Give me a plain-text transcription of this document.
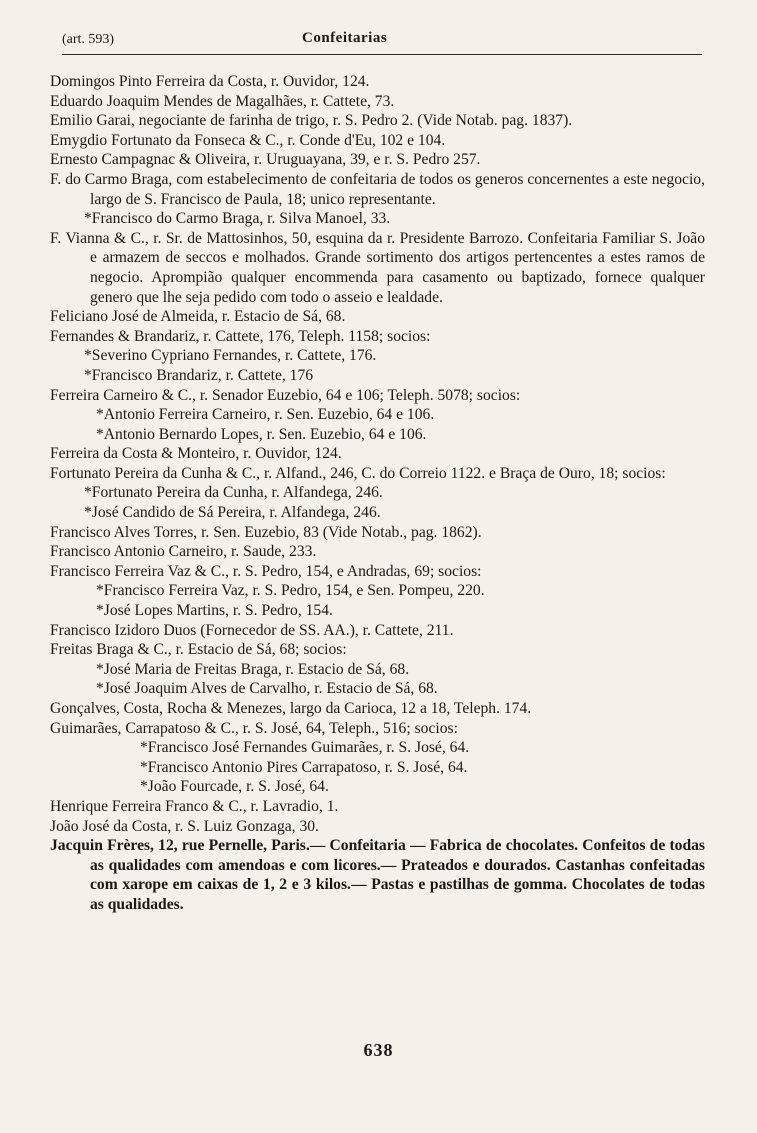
(art. 593)	Confeitarias
Domingos Pinto Ferreira da Costa, r. Ouvidor, 124.
Eduardo Joaquim Mendes de Magalhães, r. Cattete, 73.
Emilio Garai, negociante de farinha de trigo, r. S. Pedro 2. (Vide Notab. pag. 1837).
Emygdio Fortunato da Fonseca & C., r. Conde d'Eu, 102 e 104.
Ernesto Campagnac & Oliveira, r. Uruguayana, 39, e r. S. Pedro 257.
F. do Carmo Braga, com estabelecimento de confeitaria de todos os generos concernentes a este negocio, largo de S. Francisco de Paula, 18; unico representante.
*Francisco do Carmo Braga, r. Silva Manoel, 33.
F. Vianna & C., r. Sr. de Mattosinhos, 50, esquina da r. Presidente Barrozo. Confeitaria Familiar S. João e armazem de seccos e molhados. Grande sortimento dos artigos pertencentes a estes ramos de negocio. Aprompião qualquer encommenda para casamento ou baptizado, fornece qualquer genero que lhe seja pedido com todo o asseio e lealdade.
Feliciano José de Almeida, r. Estacio de Sá, 68.
Fernandes & Brandariz, r. Cattete, 176, Teleph. 1158; socios:
*Severino Cypriano Fernandes, r. Cattete, 176.
*Francisco Brandariz, r. Cattete, 176
Ferreira Carneiro & C., r. Senador Euzebio, 64 e 106; Teleph. 5078; socios:
*Antonio Ferreira Carneiro, r. Sen. Euzebio, 64 e 106.
*Antonio Bernardo Lopes, r. Sen. Euzebio, 64 e 106.
Ferreira da Costa & Monteiro, r. Ouvidor, 124.
Fortunato Pereira da Cunha & C., r. Alfand., 246, C. do Correio 1122. e Braça de Ouro, 18; socios:
*Fortunato Pereira da Cunha, r. Alfandega, 246.
*José Candido de Sá Pereira, r. Alfandega, 246.
Francisco Alves Torres, r. Sen. Euzebio, 83 (Vide Notab., pag. 1862).
Francisco Antonio Carneiro, r. Saude, 233.
Francisco Ferreira Vaz & C., r. S. Pedro, 154, e Andradas, 69; socios:
*Francisco Ferreira Vaz, r. S. Pedro, 154, e Sen. Pompeu, 220.
*José Lopes Martins, r. S. Pedro, 154.
Francisco Izidoro Duos (Fornecedor de SS. AA.), r. Cattete, 211.
Freitas Braga & C., r. Estacio de Sá, 68; socios:
*José Maria de Freitas Braga, r. Estacio de Sá, 68.
*José Joaquim Alves de Carvalho, r. Estacio de Sá, 68.
Gonçalves, Costa, Rocha & Menezes, largo da Carioca, 12 a 18, Teleph. 174.
Guimarães, Carrapatoso & C., r. S. José, 64, Teleph., 516; socios:
*Francisco José Fernandes Guimarães, r. S. José, 64.
*Francisco Antonio Pires Carrapatoso, r. S. José, 64.
*João Fourcade, r. S. José, 64.
Henrique Ferreira Franco & C., r. Lavradio, 1.
João José da Costa, r. S. Luiz Gonzaga, 30.
Jacquin Frères, 12, rue Pernelle, Paris.— Confeitaria — Fabrica de chocolates. Confeitos de todas as qualidades com amendoas e com licores.— Prateados e dourados. Castanhas confeitadas com xarope em caixas de 1, 2 e 3 kilos.— Pastas e pastilhas de gomma. Chocolates de todas as qualidades.
638
